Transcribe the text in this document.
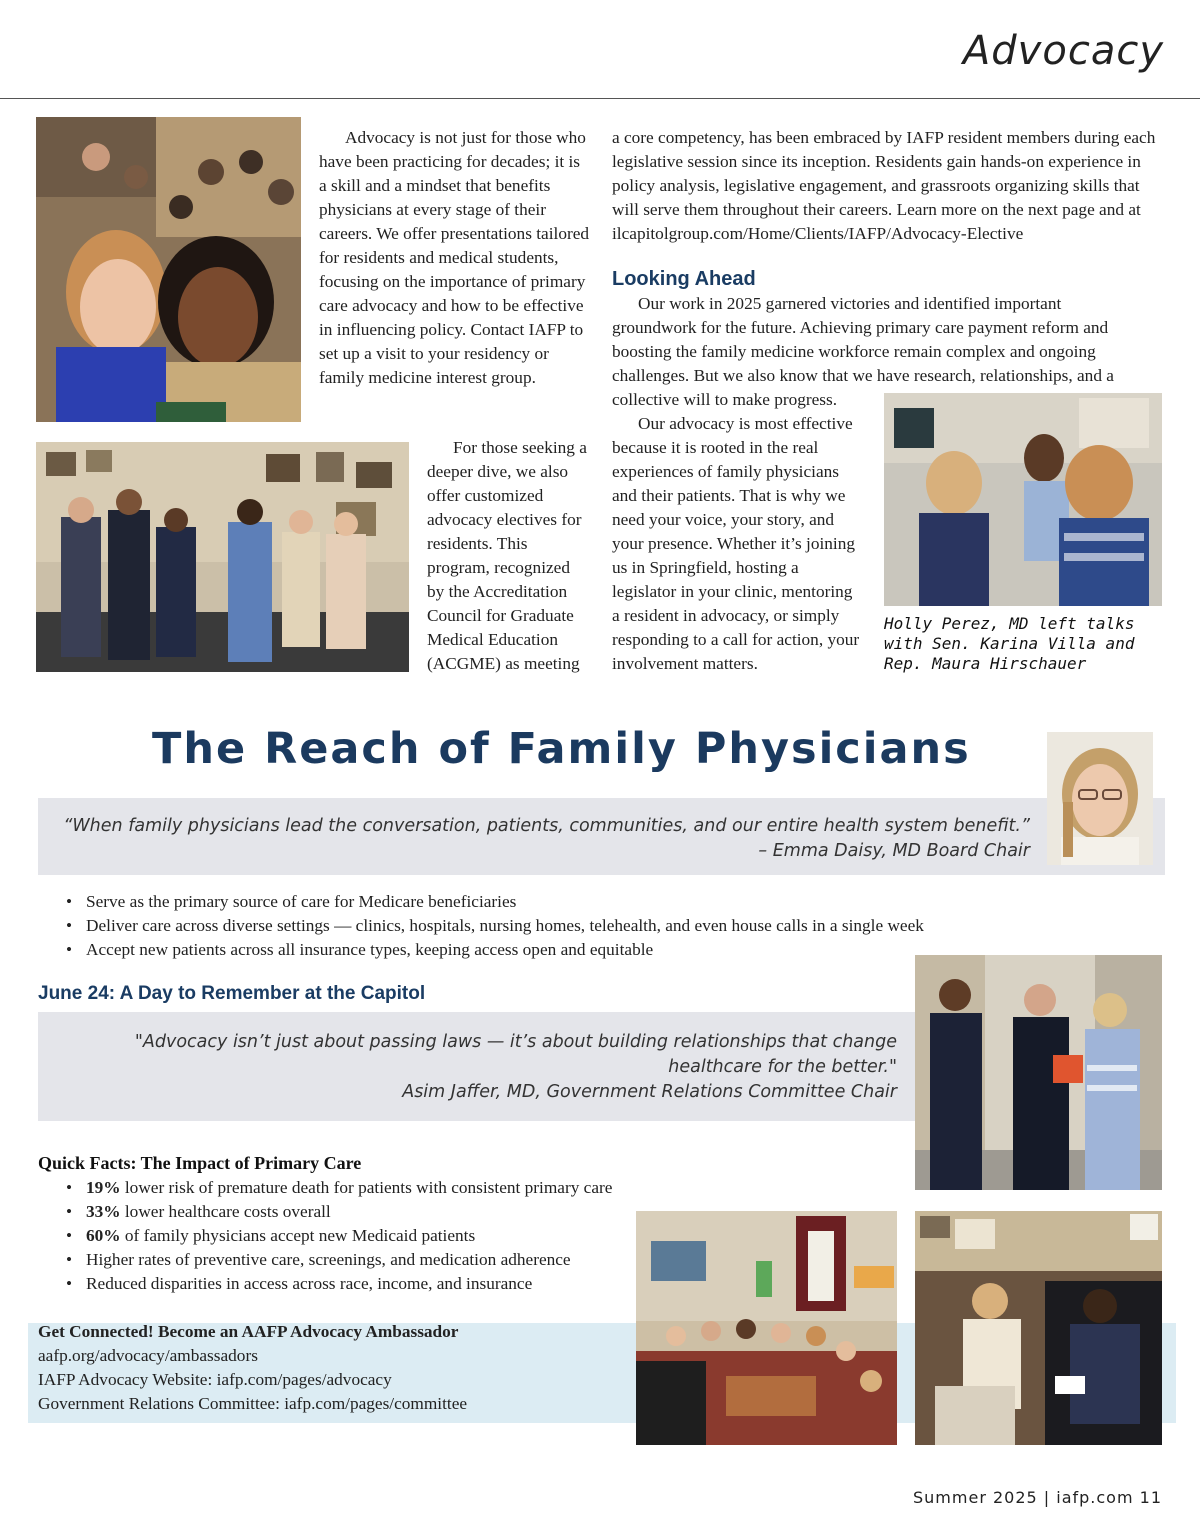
Advocacy

Advocacy is not just for those who have been practicing for decades; it is a skill and a mindset that benefits physicians at every stage of their careers. We offer presentations tailored for residents and medical students, focusing on the importance of primary care advocacy and how to be effective in influencing policy. Contact IAFP to set up a visit to your residency or family medicine interest group.

For those seeking a deeper dive, we also offer customized advocacy electives for residents. This program, recognized by the Accreditation Council for Graduate Medical Education (ACGME) as meeting

a core competency, has been embraced by IAFP resident members during each legislative session since its inception. Residents gain hands-on experience in policy analysis, legislative engagement, and grassroots organizing skills that will serve them throughout their careers. Learn more on the next page and at ilcapitolgroup.com/Home/Clients/IAFP/Advocacy-Elective

Looking Ahead

Our work in 2025 garnered victories and identified important groundwork for the future. Achieving primary care payment reform and boosting the family medicine workforce remain complex and ongoing challenges. But we also know that we have research, relationships, and a collective will to make progress.

Our advocacy is most effective because it is rooted in the real experiences of family physicians and their patients. That is why we need your voice, your story, and your presence. Whether it’s joining us in Springfield, hosting a legislator in your clinic, mentoring a resident in advocacy, or simply responding to a call for action, your involvement matters.

Holly Perez, MD left talks with Sen. Karina Villa and Rep. Maura Hirschauer
The Reach of Family Physicians
“When family physicians lead the conversation, patients, communities, and our entire health system benefit.”
– Emma Daisy, MD Board Chair
• Serve as the primary source of care for Medicare beneficiaries
• Deliver care across diverse settings — clinics, hospitals, nursing homes, telehealth, and even house calls in a single week
• Accept new patients across all insurance types, keeping access open and equitable
June 24: A Day to Remember at the Capitol
"Advocacy isn’t just about passing laws — it’s about building relationships that change healthcare for the better."
Asim Jaffer, MD, Government Relations Committee Chair
Quick Facts: The Impact of Primary Care
• 19% lower risk of premature death for patients with consistent primary care
• 33% lower healthcare costs overall
• 60% of family physicians accept new Medicaid patients
• Higher rates of preventive care, screenings, and medication adherence
• Reduced disparities in access across race, income, and insurance
Get Connected! Become an AAFP Advocacy Ambassador
aafp.org/advocacy/ambassadors
IAFP Advocacy Website: iafp.com/pages/advocacy
Government Relations Committee: iafp.com/pages/committee
Summer 2025 | iafp.com 11
